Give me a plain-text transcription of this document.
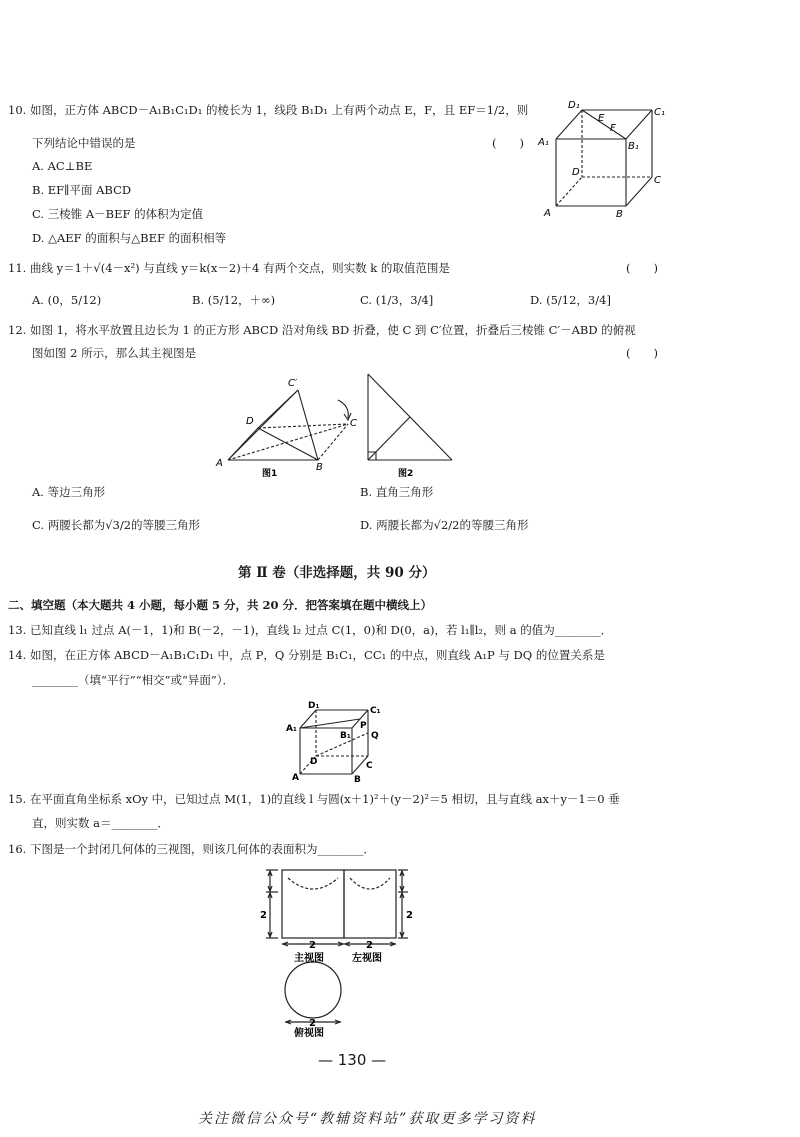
10. 如图，正方体 ABCD－A₁B₁C₁D₁ 的棱长为 1，线段 B₁D₁ 上有两个动点 E，F，且 EF＝1/2，则
下列结论中错误的是	(　　)
A. AC⊥BE
B. EF∥平面 ABCD
C. 三棱锥 A－BEF 的体积为定值
D. △AEF 的面积与△BEF 的面积相等
D₁
C₁
A₁	B₁
E
F
D
C
A	B
11. 曲线 y＝1＋√(4－x²) 与直线 y＝k(x－2)＋4 有两个交点，则实数 k 的取值范围是	(　　)
A. (0，5/12)	B. (5/12，＋∞)	C. (1/3，3/4]	D. (5/12，3/4]
12. 如图 1，将水平放置且边长为 1 的正方形 ABCD 沿对角线 BD 折叠，使 C 到 C′位置，折叠后三棱锥 C′－ABD 的俯视
图如图 2 所示，那么其主视图是	(　　)
C′
D	C
A	B
图1	图2
A. 等边三角形	B. 直角三角形
C. 两腰长都为√3/2的等腰三角形	D. 两腰长都为√2/2的等腰三角形
第 Ⅱ 卷（非选择题，共 90 分）
二、填空题（本大题共 4 小题，每小题 5 分，共 20 分．把答案填在题中横线上）
13. 已知直线 l₁ 过点 A(－1，1)和 B(－2，－1)，直线 l₂ 过点 C(1，0)和 D(0，a)，若 l₁∥l₂，则 a 的值为________．
14. 如图，在正方体 ABCD－A₁B₁C₁D₁ 中，点 P，Q 分别是 B₁C₁，CC₁ 的中点，则直线 A₁P 与 DQ 的位置关系是
________（填“平行”“相交”或“异面”）．
D₁	C₁
A₁
B₁
P
Q
D	C
A	B
15. 在平面直角坐标系 xOy 中，已知过点 M(1，1)的直线 l 与圆(x＋1)²＋(y－2)²＝5 相切，且与直线 ax＋y－1＝0 垂
直，则实数 a＝________．
16. 下图是一个封闭几何体的三视图，则该几何体的表面积为________．
2
2
2
2
2
主视图	左视图
俯视图
— 130 —
关注微信公众号“教辅资料站”获取更多学习资料
